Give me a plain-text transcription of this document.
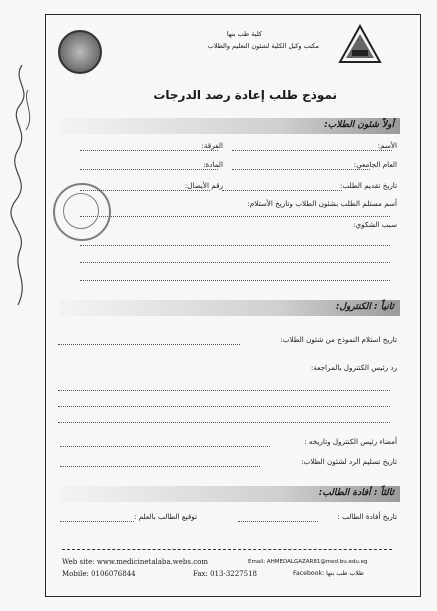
كلية طب بنها
مكتب وكيل الكلية لشئون التعليم والطلاب
نموذج طلب إعادة رصد الدرجات
أولاً شئون الطلاب:
الأسم:
الفرقة:
العام الجامعي:
المادة:
تاريخ تقديم الطلب:
رقم الأيصال:
أسم مستلم الطلب بشئون الطلاب وتاريخ الأستلام:
سبب الشكوي:
ثانياً : الكنترول:
تاريخ استلام النموذج من شئون الطلاب:
رد رئيس الكنترول بالمراجعة:
أمضاء رئيس الكنترول وتاريخه :
تاريخ تسليم الرد لشئون الطلاب:
ثالثاً : أفادة الطالب:
تاريخ أفادة الطالب :
توقيع الطالب بالعلم :
Web site: www.medicinetalaba.webs.com	Email: AHMEDALGAZAR81@med.bu.edu.eg
Mobile: 0106076844	Fax: 013-3227518	Facebook: طلاب طب بنها
